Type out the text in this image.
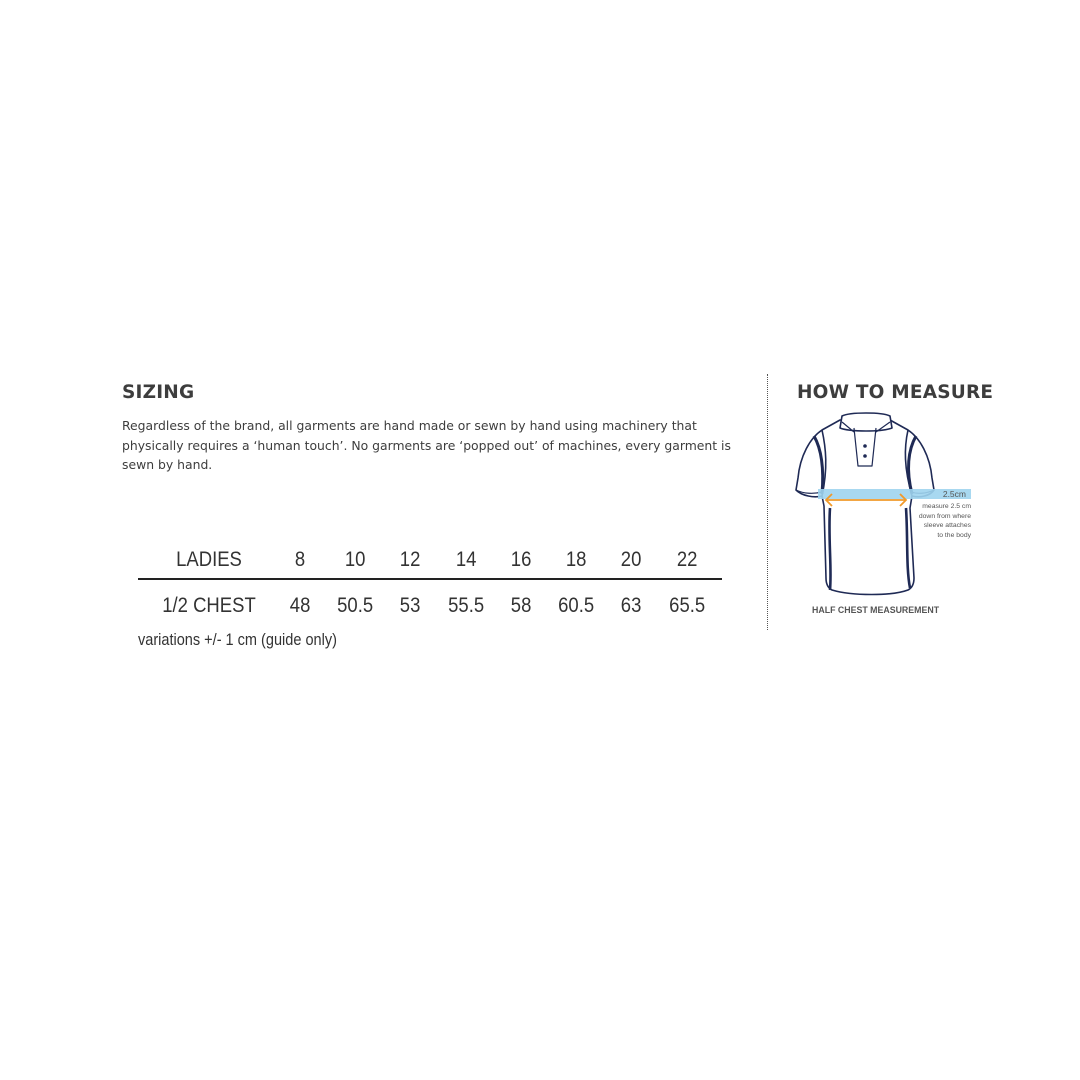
SIZING

Regardless of the brand, all garments are hand made or sewn by hand using machinery that physically requires a ‘human touch’. No garments are ‘popped out’ of machines, every garment is sewn by hand.

LADIES	8	10	12	14	16	18	20	22
1/2 CHEST	48	50.5	53	55.5	58	60.5	63	65.5
variations +/- 1 cm (guide only)
HOW TO MEASURE
2.5cm
measure 2.5 cm
down from where
sleeve attaches
to the body
HALF CHEST MEASUREMENT
